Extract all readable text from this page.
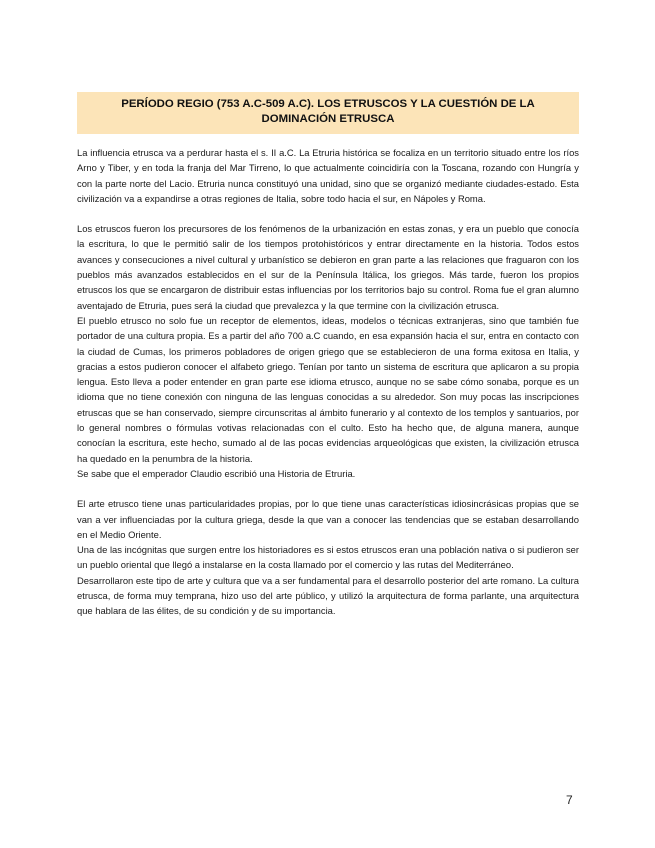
PERÍODO REGIO (753 A.C-509 A.C). LOS ETRUSCOS Y LA CUESTIÓN DE LA DOMINACIÓN ETRUSCA

La influencia etrusca va a perdurar hasta el s. II a.C. La Etruria histórica se focaliza en un territorio situado entre los ríos Arno y Tiber, y en toda la franja del Mar Tirreno, lo que actualmente coincidiría con la Toscana, rozando con Hungría y con la parte norte del Lacio. Etruria nunca constituyó una unidad, sino que se organizó mediante ciudades-estado. Esta civilización va a expandirse a otras regiones de Italia, sobre todo hacia el sur, en Nápoles y Roma.

Los etruscos fueron los precursores de los fenómenos de la urbanización en estas zonas, y era un pueblo que conocía la escritura, lo que le permitió salir de los tiempos protohistóricos y entrar directamente en la historia. Todos estos avances y consecuciones a nivel cultural y urbanístico se debieron en gran parte a las relaciones que fraguaron con los pueblos más avanzados establecidos en el sur de la Península Itálica, los griegos. Más tarde, fueron los propios etruscos los que se encargaron de distribuir estas influencias por los territorios bajo su control. Roma fue el gran alumno aventajado de Etruria, pues será la ciudad que prevalezca y la que termine con la civilización etrusca.

El pueblo etrusco no solo fue un receptor de elementos, ideas, modelos o técnicas extranjeras, sino que también fue portador de una cultura propia. Es a partir del año 700 a.C cuando, en esa expansión hacia el sur, entra en contacto con la ciudad de Cumas, los primeros pobladores de origen griego que se establecieron de una forma exitosa en Italia, y gracias a estos pudieron conocer el alfabeto griego. Tenían por tanto un sistema de escritura que aplicaron a su propia lengua. Esto lleva a poder entender en gran parte ese idioma etrusco, aunque no se sabe cómo sonaba, porque es un idioma que no tiene conexión con ninguna de las lenguas conocidas a su alrededor. Son muy pocas las inscripciones etruscas que se han conservado, siempre circunscritas al ámbito funerario y al contexto de los templos y santuarios, por lo general nombres o fórmulas votivas relacionadas con el culto. Esto ha hecho que, de alguna manera, aunque conocían la escritura, este hecho, sumado al de las pocas evidencias arqueológicas que existen, la civilización etrusca ha quedado en la penumbra de la historia.

Se sabe que el emperador Claudio escribió una Historia de Etruria.

El arte etrusco tiene unas particularidades propias, por lo que tiene unas características idiosincrásicas propias que se van a ver influenciadas por la cultura griega, desde la que van a conocer las tendencias que se estaban desarrollando en el Medio Oriente.

Una de las incógnitas que surgen entre los historiadores es si estos etruscos eran una población nativa o si pudieron ser un pueblo oriental que llegó a instalarse en la costa llamado por el comercio y las rutas del Mediterráneo.

Desarrollaron este tipo de arte y cultura que va a ser fundamental para el desarrollo posterior del arte romano. La cultura etrusca, de forma muy temprana, hizo uso del arte público, y utilizó la arquitectura de forma parlante, una arquitectura que hablara de las élites, de su condición y de su importancia.

7
